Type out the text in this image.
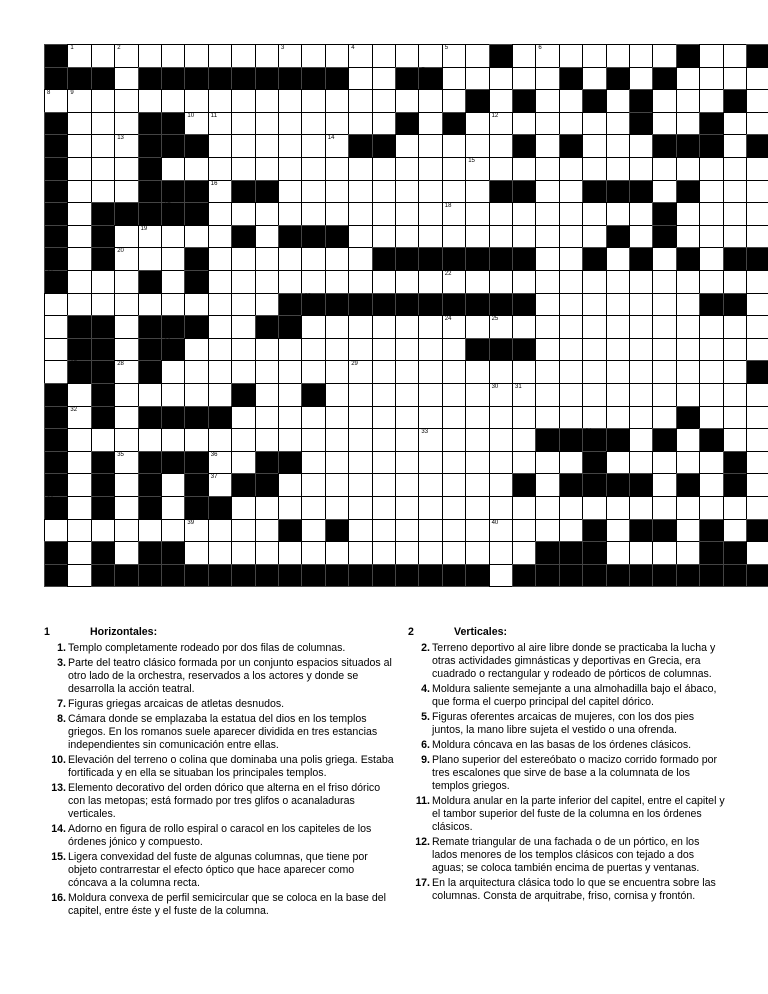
1	2	3	4	5	6
7
8	9
10	11	12
13	14
15
16
17	18
19
20
21	22
23
24	25
26
27	28	29
30	31
32
33	34
35	36
37
38
39	40
1	Horizontales:
1. Templo completamente rodeado por dos filas de columnas.
3. Parte del teatro clásico formada por un conjunto espacios situados al otro lado de la orchestra, reservados a los actores y donde se desarrolla la acción teatral.
7. Figuras griegas arcaicas de atletas desnudos.
8. Cámara donde se emplazaba la estatua del dios en los templos griegos. En los romanos suele aparecer dividida en tres estancias independientes sin comunicación entre ellas.
10. Elevación del terreno o colina que dominaba una polis griega. Estaba fortificada y en ella se situaban los principales templos.
13. Elemento decorativo del orden dórico que alterna en el friso dórico con las metopas; está formado por tres glifos o acanaladuras verticales.
14. Adorno en figura de rollo espiral o caracol en los capiteles de los órdenes jónico y compuesto.
15. Ligera convexidad del fuste de algunas columnas, que tiene por objeto contrarrestar el efecto óptico que hace aparecer como cóncava a la columna recta.
16. Moldura convexa de perfil semicircular que se coloca en la base del capitel, entre éste y el fuste de la columna.
2	Verticales:
2. Terreno deportivo al aire libre donde se practicaba la lucha y otras actividades gimnásticas y deportivas en Grecia, era cuadrado o rectangular y rodeado de pórticos de columnas.
4. Moldura saliente semejante a una almohadilla bajo el ábaco, que forma el cuerpo principal del capitel dórico.
5. Figuras oferentes arcaicas de mujeres, con los dos pies juntos, la mano libre sujeta el vestido o una ofrenda.
6. Moldura cóncava en las basas de los órdenes clásicos.
9. Plano superior del estereóbato o macizo corrido formado por tres escalones que sirve de base a la columnata de los templos griegos.
11. Moldura anular en la parte inferior del capitel, entre el capitel y el tambor superior del fuste de la columna en los órdenes clásicos.
12. Remate triangular de una fachada o de un pórtico, en los lados menores de los templos clásicos con tejado a dos aguas; se coloca también encima de puertas y ventanas.
17. En la arquitectura clásica todo lo que se encuentra sobre las columnas. Consta de arquitrabe, friso, cornisa y frontón.
